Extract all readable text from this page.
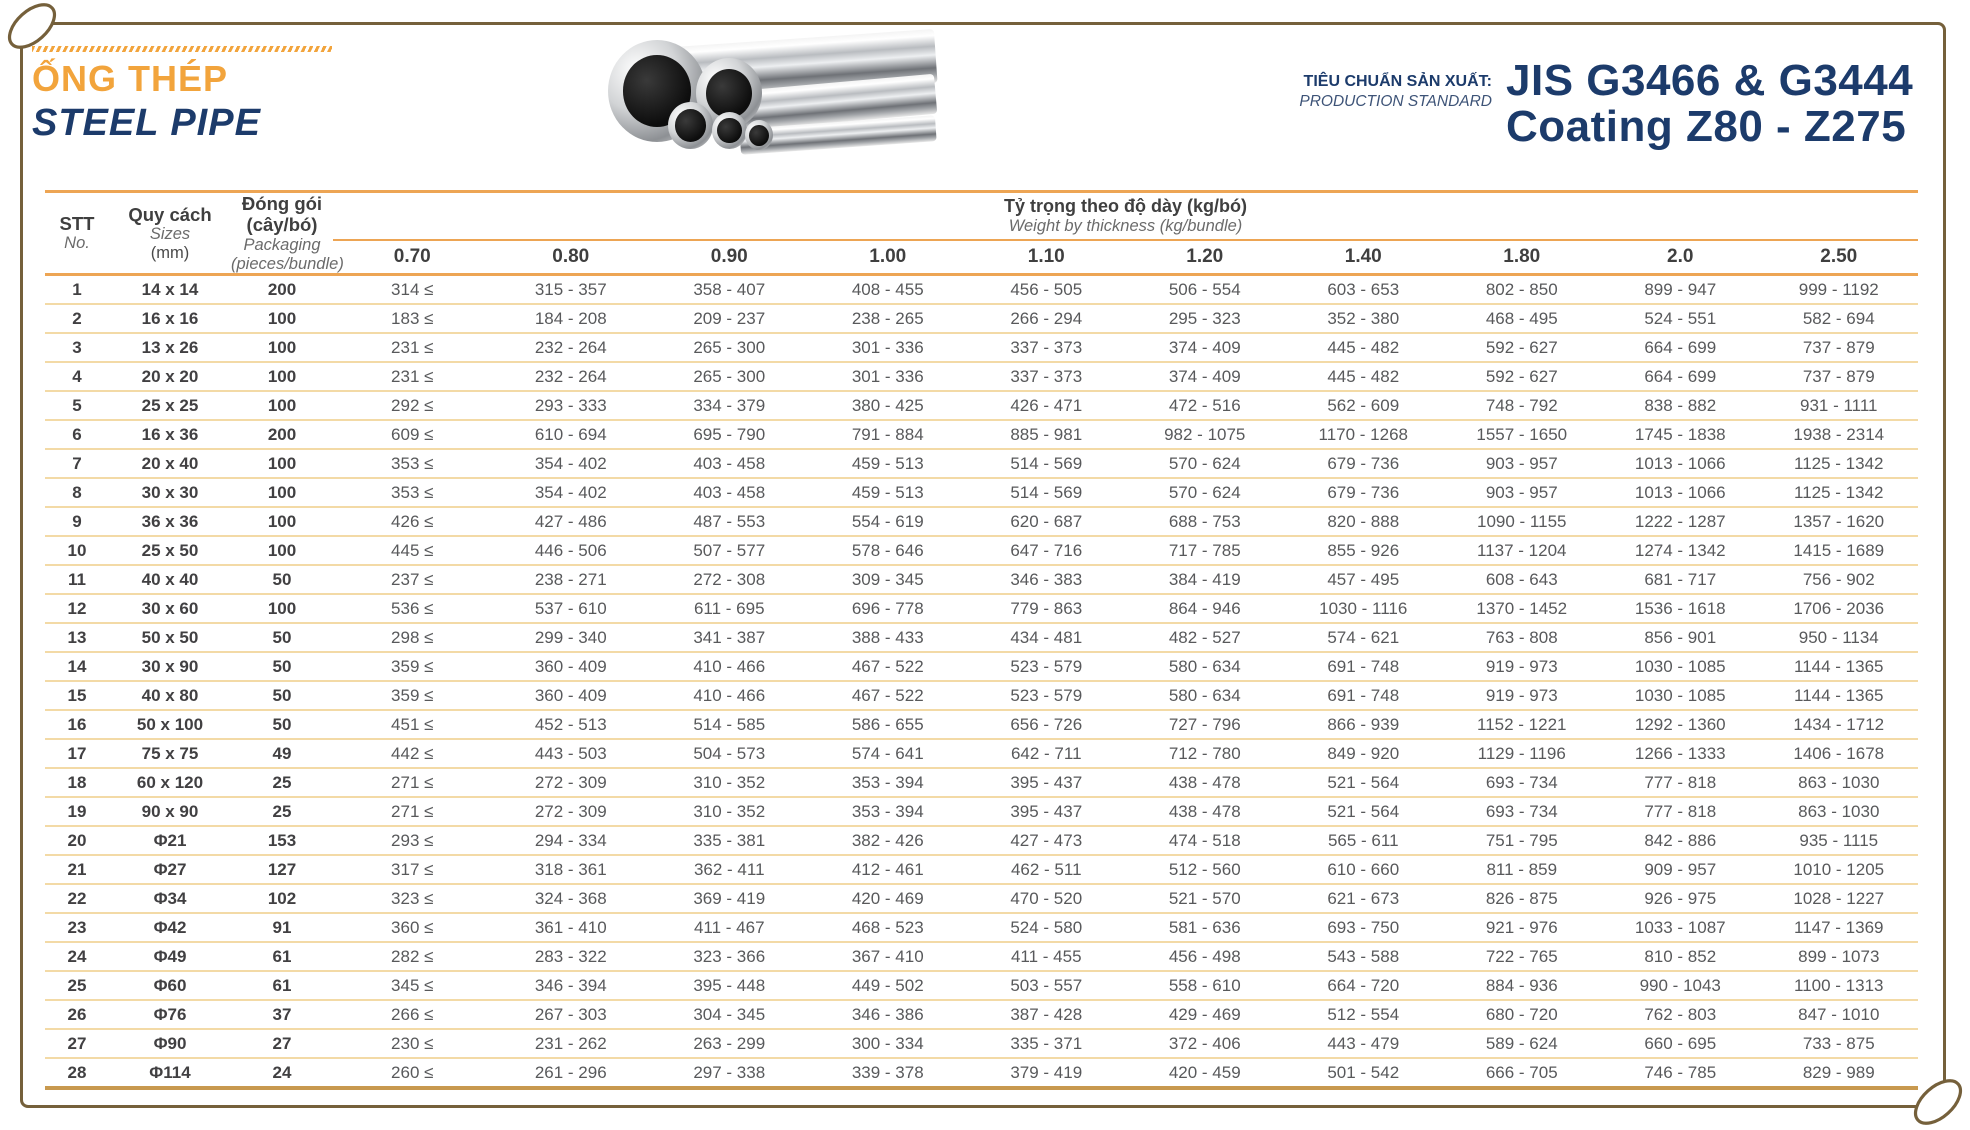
ỐNG THÉP
STEEL PIPE
TIÊU CHUẨN SẢN XUẤT:
PRODUCTION STANDARD JIS G3466 & G3444
Coating Z80 - Z275
STT
No.

Quy cách
Sizes
(mm)

Đóng gói
(cây/bó)
Packaging
(pieces/bundle)

Tỷ trọng theo độ dày (kg/bó)
Weight by thickness (kg/bundle)

			0.70	0.80	0.90	1.00	1.10	1.20	1.40	1.80	2.0	2.50
1	14 x 14	200	314 ≤	315 - 357	358 - 407	408 - 455	456 - 505	506 - 554	603 - 653	802 - 850	899 - 947	999 - 1192
2	16 x 16	100	183 ≤	184 - 208	209 - 237	238 - 265	266 - 294	295 - 323	352 - 380	468 - 495	524 - 551	582 - 694
3	13 x 26	100	231 ≤	232 - 264	265 - 300	301 - 336	337 - 373	374 - 409	445 - 482	592 - 627	664 - 699	737 - 879
4	20 x 20	100	231 ≤	232 - 264	265 - 300	301 - 336	337 - 373	374 - 409	445 - 482	592 - 627	664 - 699	737 - 879
5	25 x 25	100	292 ≤	293 - 333	334 - 379	380 - 425	426 - 471	472 - 516	562 - 609	748 - 792	838 - 882	931 - 1111
6	16 x 36	200	609 ≤	610 - 694	695 - 790	791 - 884	885 - 981	982 - 1075	1170 - 1268	1557 - 1650	1745 - 1838	1938 - 2314
7	20 x 40	100	353 ≤	354 - 402	403 - 458	459 - 513	514 - 569	570 - 624	679 - 736	903 - 957	1013 - 1066	1125 - 1342
8	30 x 30	100	353 ≤	354 - 402	403 - 458	459 - 513	514 - 569	570 - 624	679 - 736	903 - 957	1013 - 1066	1125 - 1342
9	36 x 36	100	426 ≤	427 - 486	487 - 553	554 - 619	620 - 687	688 - 753	820 - 888	1090 - 1155	1222 - 1287	1357 - 1620
10	25 x 50	100	445 ≤	446 - 506	507 - 577	578 - 646	647 - 716	717 - 785	855 - 926	1137 - 1204	1274 - 1342	1415 - 1689
11	40 x 40	50	237 ≤	238 - 271	272 - 308	309 - 345	346 - 383	384 - 419	457 - 495	608 - 643	681 - 717	756 - 902
12	30 x 60	100	536 ≤	537 - 610	611 - 695	696 - 778	779 - 863	864 - 946	1030 - 1116	1370 - 1452	1536 - 1618	1706 - 2036
13	50 x 50	50	298 ≤	299 - 340	341 - 387	388 - 433	434 - 481	482 - 527	574 - 621	763 - 808	856 - 901	950 - 1134
14	30 x 90	50	359 ≤	360 - 409	410 - 466	467 - 522	523 - 579	580 - 634	691 - 748	919 - 973	1030 - 1085	1144 - 1365
15	40 x 80	50	359 ≤	360 - 409	410 - 466	467 - 522	523 - 579	580 - 634	691 - 748	919 - 973	1030 - 1085	1144 - 1365
16	50 x 100	50	451 ≤	452 - 513	514 - 585	586 - 655	656 - 726	727 - 796	866 - 939	1152 - 1221	1292 - 1360	1434 - 1712
17	75 x 75	49	442 ≤	443 - 503	504 - 573	574 - 641	642 - 711	712 - 780	849 - 920	1129 - 1196	1266 - 1333	1406 - 1678
18	60 x 120	25	271 ≤	272 - 309	310 - 352	353 - 394	395 - 437	438 - 478	521 - 564	693 - 734	777 - 818	863 - 1030
19	90 x 90	25	271 ≤	272 - 309	310 - 352	353 - 394	395 - 437	438 - 478	521 - 564	693 - 734	777 - 818	863 - 1030
20	Φ21	153	293 ≤	294 - 334	335 - 381	382 - 426	427 - 473	474 - 518	565 - 611	751 - 795	842 - 886	935 - 1115
21	Φ27	127	317 ≤	318 - 361	362 - 411	412 - 461	462 - 511	512 - 560	610 - 660	811 - 859	909 - 957	1010 - 1205
22	Φ34	102	323 ≤	324 - 368	369 - 419	420 - 469	470 - 520	521 - 570	621 - 673	826 - 875	926 - 975	1028 - 1227
23	Φ42	91	360 ≤	361 - 410	411 - 467	468 - 523	524 - 580	581 - 636	693 - 750	921 - 976	1033 - 1087	1147 - 1369
24	Φ49	61	282 ≤	283 - 322	323 - 366	367 - 410	411 - 455	456 - 498	543 - 588	722 - 765	810 - 852	899 - 1073
25	Φ60	61	345 ≤	346 - 394	395 - 448	449 - 502	503 - 557	558 - 610	664 - 720	884 - 936	990 - 1043	1100 - 1313
26	Φ76	37	266 ≤	267 - 303	304 - 345	346 - 386	387 - 428	429 - 469	512 - 554	680 - 720	762 - 803	847 - 1010
27	Φ90	27	230 ≤	231 - 262	263 - 299	300 - 334	335 - 371	372 - 406	443 - 479	589 - 624	660 - 695	733 - 875
28	Φ114	24	260 ≤	261 - 296	297 - 338	339 - 378	379 - 419	420 - 459	501 - 542	666 - 705	746 - 785	829 - 989
